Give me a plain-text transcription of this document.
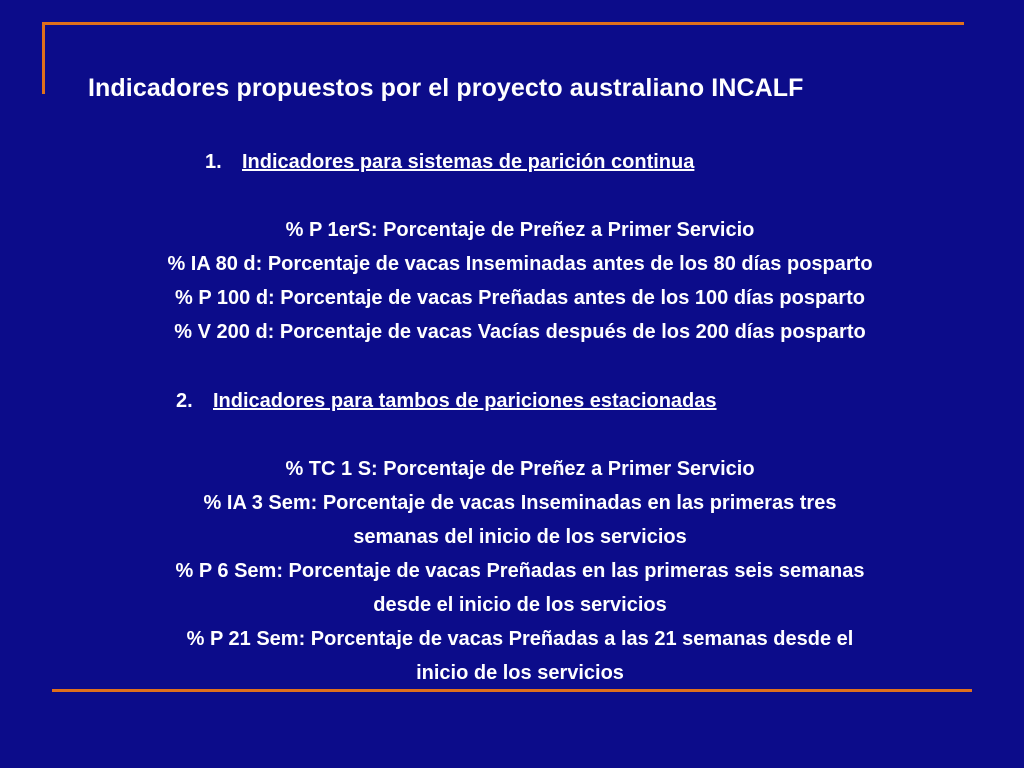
Indicadores propuestos por el proyecto australiano INCALF
1.	Indicadores para sistemas de parición continua
% P 1erS: Porcentaje de Preñez a Primer Servicio
% IA 80 d: Porcentaje de vacas Inseminadas antes de los 80 días posparto
% P 100 d: Porcentaje de vacas Preñadas antes de los 100 días posparto
% V 200 d: Porcentaje de vacas Vacías después de los 200 días posparto
2.	Indicadores para tambos de pariciones estacionadas
% TC 1 S: Porcentaje de Preñez a Primer Servicio
% IA 3 Sem: Porcentaje de vacas Inseminadas en las primeras tres
semanas del inicio de los servicios
% P 6 Sem: Porcentaje de vacas Preñadas en las primeras seis semanas
desde el inicio de los servicios
% P 21 Sem: Porcentaje de vacas Preñadas a las 21 semanas desde el
inicio de los servicios
